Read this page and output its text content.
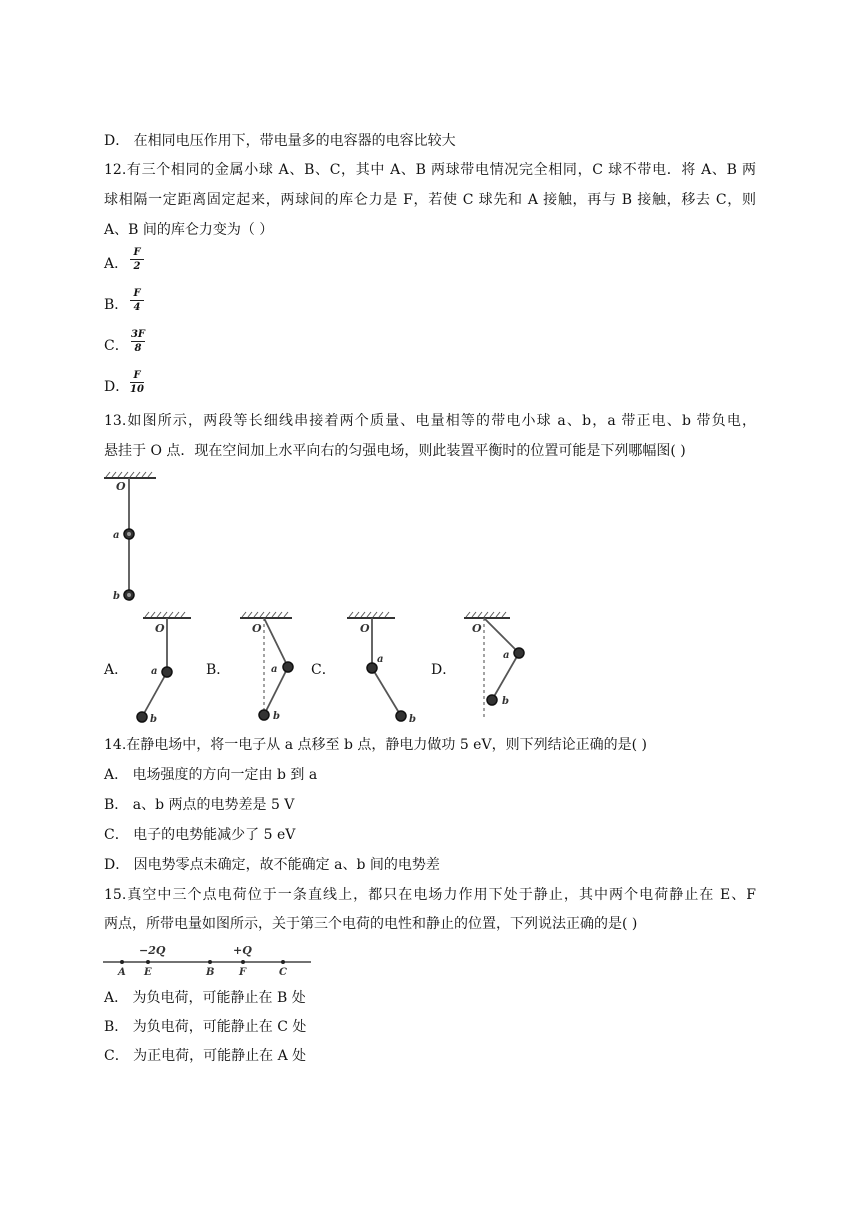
D． 在相同电压作用下，带电量多的电容器的电容比较大
12.有三个相同的金属小球 A、B、C，其中 A、B 两球带电情况完全相同，C 球不带电．将 A、B 两
球相隔一定距离固定起来，两球间的库仑力是 F，若使 C 球先和 A 接触，再与 B 接触，移去 C，则
A、B 间的库仑力变为（ ）
A．
F
2
B．
F
4
C．
3F
8
D．
F
10
13.如图所示，两段等长细线串接着两个质量、电量相等的带电小球 a、b，a 带正电、b 带负电，
悬挂于 O 点．现在空间加上水平向右的匀强电场，则此装置平衡时的位置可能是下列哪幅图( )
O
a
b
A．
O
a
b
B．
O
a
b
C．
O
a
b
D．
O
a
b
14.在静电场中，将一电子从 a 点移至 b 点，静电力做功 5 eV，则下列结论正确的是( )
A． 电场强度的方向一定由 b 到 a
B． a、b 两点的电势差是 5 V
C． 电子的电势能减少了 5 eV
D． 因电势零点未确定，故不能确定 a、b 间的电势差
15.真空中三个点电荷位于一条直线上，都只在电场力作用下处于静止，其中两个电荷静止在 E、F
两点，所带电量如图所示，关于第三个电荷的电性和静止的位置，下列说法正确的是( )
−2Q	+Q
A E	B F	C
A． 为负电荷，可能静止在 B 处
B． 为负电荷，可能静止在 C 处
C． 为正电荷，可能静止在 A 处
